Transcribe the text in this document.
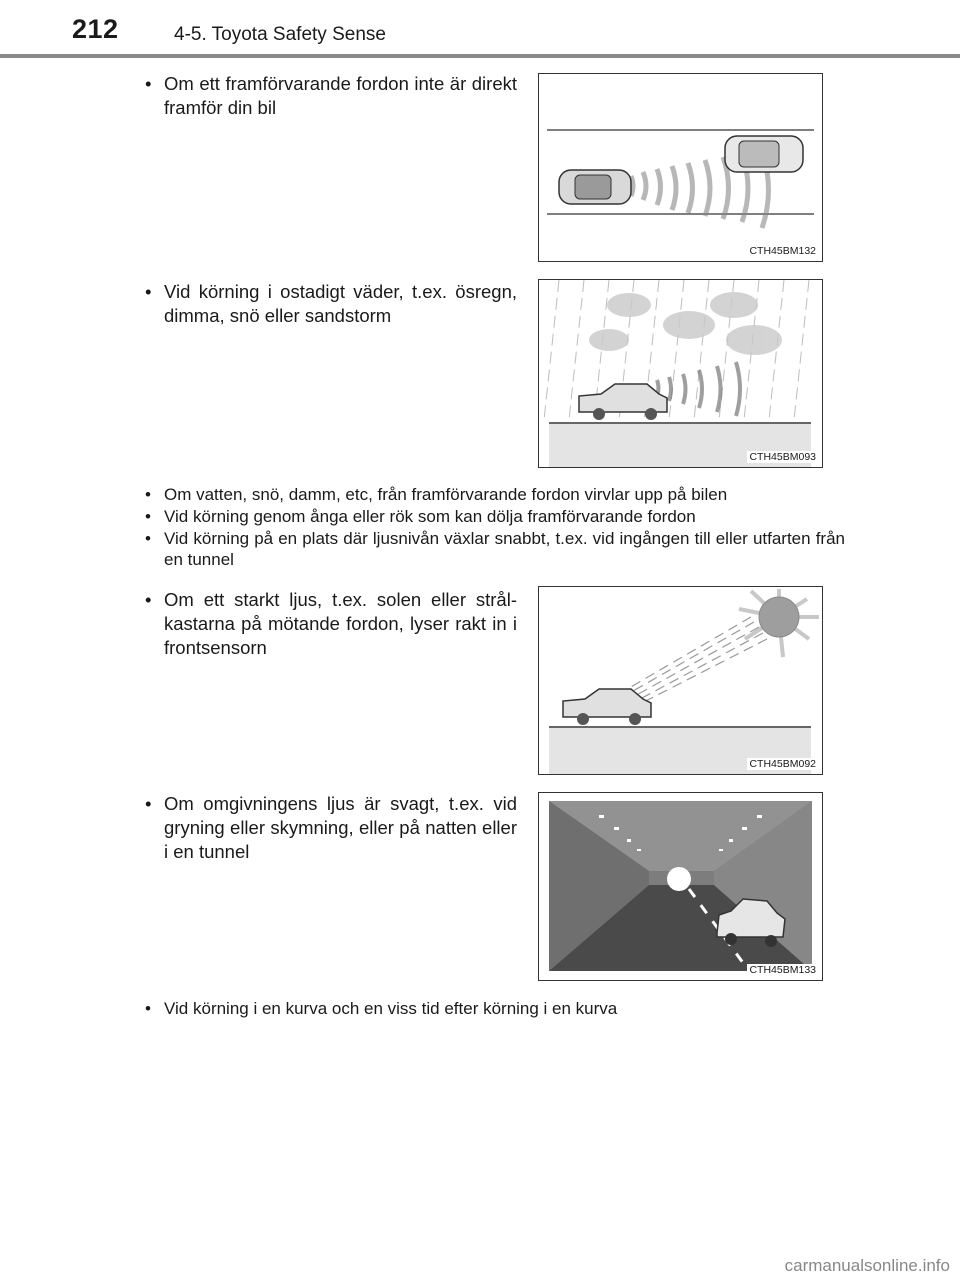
212	4-5. Toyota Safety Sense
• Om ett framförvarande fordon inte är direkt framför din bil
CTH45BM132
• Vid körning i ostadigt väder, t.ex. ösregn, dimma, snö eller sandstorm
CTH45BM093
• Om vatten, snö, damm, etc, från framförvarande fordon virvlar upp på bilen
• Vid körning genom ånga eller rök som kan dölja framförvarande fordon
• Vid körning på en plats där ljusnivån växlar snabbt, t.ex. vid ingången till eller utfarten från en tunnel
• Om ett starkt ljus, t.ex. solen eller strål-kastarna på mötande fordon, lyser rakt in i frontsensorn
CTH45BM092
• Om omgivningens ljus är svagt, t.ex. vid gryning eller skymning, eller på natten eller i en tunnel
CTH45BM133
• Vid körning i en kurva och en viss tid efter körning i en kurva
carmanualsonline.info
